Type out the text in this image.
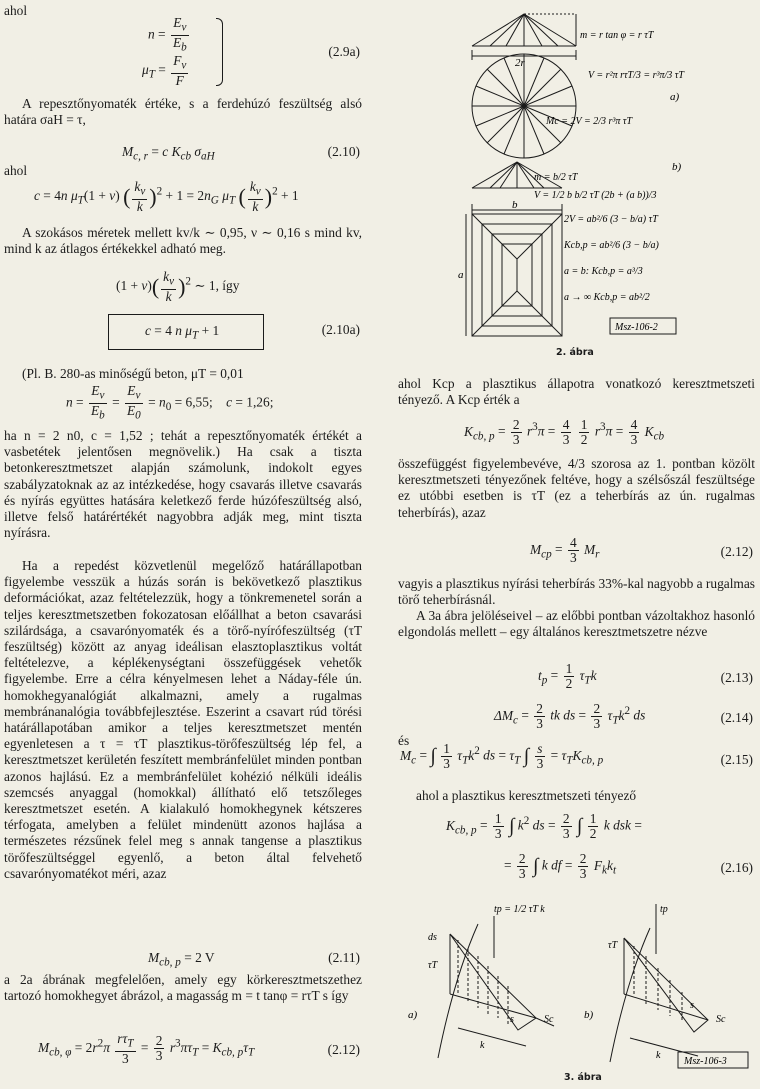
ahol
$n = \frac{E_v}{E_b}$
$\mu_T = \frac{F_v}{F}$
(2.9a)

A repesztőnyomaték értéke, s a ferdehúzó feszültség alsó határa σaH = τ,

$M_{c, r} = c$ $K_{cb}$ $\sigma_{aH}$	(2.10)
ahol
c = 4n $\mu_T(1 + \nu)$ ( $\frac{k_v}{k} )^2 + 1 = 2n_G$ $\mu_T$ ( $\frac{k_v}{k} )^2 + 1$

A szokásos méretek mellett kv/k ∼ 0,95, ν ∼ 0,16 s mind kv, mind k az átlagos értékekkel adható meg.

$(1 + \nu)( \frac{k_v}{k} )^2$ ∼ 1, így
c = 4 n $\mu_T + 1$	(2.10a)

(Pl. B. 280-as minőségű beton, μT = 0,01

$n = \frac{E_v}{E_b} = \frac{E_v}{E_0} = n_0 = 6,55$;    c = 1,26;

ha n = 2 n0, c = 1,52 ; tehát a repesztőnyomaték értékét a vasbetétek jelentősen megnövelik.) Ha csak a tiszta betonkeresztmetszet alapján számolunk, indokolt egyes szabályzatoknak az az intézkedése, hogy csavarás illetve csavarás és nyírás együttes hatására keletkező ferde húzófeszültség alsó, illetve felső határértékét nagyobbra adják meg, mint tiszta nyírásra.

Ha a repedést közvetlenül megelőző határállapotban figyelembe vesszük a húzás során is bekövetkező plasztikus deformációkat, azaz feltételezzük, hogy a tönkremenetel során a teljes keresztmetszetben fokozatosan előállhat a beton csavarási szilárdsága, a csavarónyomaték és a törő-nyírófeszültség (τT feszültség) között az anyag ideálisan elasztoplasztikus voltát feltételezve, a képlékenységtani összefüggések vehetők figyelembe. Erre a célra kényelmesen lehet a Náday-féle ún. homokhegyanalógiát alkalmazni, amely a rugalmas membránanalógia továbbfejlesztése. Eszerint a csavart rúd törési határállapotában amikor a teljes keresztmetszet mentén egyenletesen a τ = τT plasztikus-törőfeszültség lép fel, a keresztmetszet kerületén feszített membránfelület minden pontban azonos hajlású. Ez a membránfelület kohézió nélküli ideális szemcsés anyaggal (homokkal) állítható elő tetszőleges keresztmetszet esetén. A kialakuló homokhegynek kétszeres térfogata, amelyben a felület mindenütt azonos hajlása a természetes rézsűnek felel meg s annak tangense a plasztikus törőfeszültséggel egyenlő, a beton által felvehető csavarónyomatékot méri, azaz

$M_{cb, p} = 2$ V	(2.11)

a 2a ábrának megfelelően, amely egy körkeresztmetszethez tartozó homokhegyet ábrázol, a magasság m = t tanφ = rτT s így

$M_{cb, \varphi} = 2r^2\pi \frac{r\tau_T}{3} = \frac{2}{3} r^3\pi\tau_T = K_{cb, p}\tau_T$	(2.12)
2r
m = r tan φ = r τT
V = r²π rτT/3 = r³π/3 τT
a)
Mc = 2V = 2/3 r³π τT
b)
m = b/2 τT
V = 1/2 b b/2 τT (2b + (a b))/3
b
a
2V = ab²/6 (3 − b/a) τT
Kcb,p = ab²/6 (3 − b/a)
a = b: Kcb,p = a³/3
a → ∞ Kcb,p = ab²/2
Msz-106-2
2. ábra

ahol Kcp a plasztikus állapotra vonatkozó keresztmetszeti tényező. A Kcp érték a

$K_{cb, p} = \frac{2}{3} r^3\pi = \frac{4}{3}$
$\frac{1}{2} r^3\pi = \frac{4}{3} K_{cb}$

összefüggést figyelembevéve, 4/3 szorosa az 1. pontban közölt keresztmetszeti tényezőnek feltéve, hogy a szélsőszál feszültsége ez utóbbi esetben is τT (ez a teherbírás az ún. rugalmas teherbírás), azaz

$M_{cp} = \frac{4}{3} M_r$	(2.12)

vagyis a plasztikus nyírási teherbírás 33%-kal nagyobb a rugalmas törő teherbírásnál.

A 3a ábra jelöléseivel – az előbbi pontban vázoltakhoz hasonló elgondolás mellett – egy általános keresztmetszetre nézve

$t_p = \frac{1}{2} \tau_Tk$	(2.13)
$\Delta M_c = \frac{2}{3}$ tk ds = $\frac{2}{3} \tau_Tk^2$ ds	(2.14)
és
$M_c$ = ∫ $\frac{1}{3} \tau_Tk^2$ ds = $\tau_T$ ∫ $\frac{s}{3} = \tau_TK_{cb, p}$	(2.15)

ahol a plasztikus keresztmetszeti tényező

$K_{cb, p} = \frac{1}{3}$ ∫ $k^2$ ds = $\frac{2}{3}$ ∫ $\frac{1}{2}$ k dsk =
= $\frac{2}{3}$ ∫ k df = $\frac{2}{3} F_kk_t$	(2.16)
tp = 1/2 τT k
ds
τT
a)
k
s	Sc
tp
τT
b)
k
s
Sc
Msz-106-3
3. ábra
